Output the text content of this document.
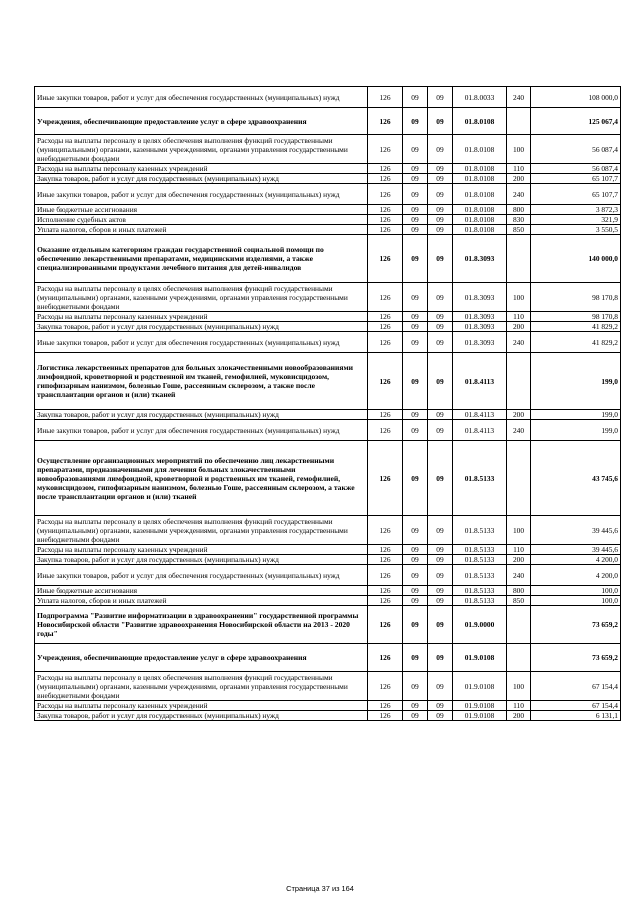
Иные закупки товаров, работ и услуг для обеспечения государственных (муниципальных) нужд	126	09	09	01.8.0033	240	108 000,0
Учреждения, обеспечивающие предоставление услуг в сфере здравоохранения	126	09	09	01.8.0108		125 067,4
Расходы на выплаты персоналу в целях обеспечения выполнения функций государственными (муниципальными) органами, казенными учреждениями, органами управления государственными внебюджетными фондами	126	09	09	01.8.0108	100	56 087,4
Расходы на выплаты персоналу казенных учреждений	126	09	09	01.8.0108	110	56 087,4
Закупка товаров, работ и услуг для государственных (муниципальных) нужд	126	09	09	01.8.0108	200	65 107,7
Иные закупки товаров, работ и услуг для обеспечения государственных (муниципальных) нужд	126	09	09	01.8.0108	240	65 107,7
Иные бюджетные ассигнования	126	09	09	01.8.0108	800	3 872,3
Исполнение судебных актов	126	09	09	01.8.0108	830	321,9
Уплата налогов, сборов и иных платежей	126	09	09	01.8.0108	850	3 550,5
Оказание отдельным категориям граждан государственной социальной помощи по обеспечению лекарственными препаратами, медицинскими изделиями, а также специализированными продуктами лечебного питания для детей-инвалидов	126	09	09	01.8.3093		140 000,0
Расходы на выплаты персоналу в целях обеспечения выполнения функций государственными (муниципальными) органами, казенными учреждениями, органами управления государственными внебюджетными фондами	126	09	09	01.8.3093	100	98 170,8
Расходы на выплаты персоналу казенных учреждений	126	09	09	01.8.3093	110	98 170,8
Закупка товаров, работ и услуг для государственных (муниципальных) нужд	126	09	09	01.8.3093	200	41 829,2
Иные закупки товаров, работ и услуг для обеспечения государственных (муниципальных) нужд	126	09	09	01.8.3093	240	41 829,2
Логистика лекарственных препаратов для больных злокачественными новообразованиями лимфоидной, кроветворной и родственной им тканей, гемофилией, муковисцидозом, гипофизарным нанизмом, болезнью Гоше, рассеянным склерозом, а также после трансплантации органов и (или) тканей	126	09	09	01.8.4113		199,0
Закупка товаров, работ и услуг для государственных (муниципальных) нужд	126	09	09	01.8.4113	200	199,0
Иные закупки товаров, работ и услуг для обеспечения государственных (муниципальных) нужд	126	09	09	01.8.4113	240	199,0
Осуществление организационных мероприятий по обеспечению лиц лекарственными препаратами, предназначенными для лечения больных злокачественными новообразованиями лимфоидной, кроветворной и родственных им тканей, гемофилией, муковисцидозом, гипофизарным нанизмом, болезнью Гоше, рассеянным склерозом, а также после трансплантации органов и (или) тканей	126	09	09	01.8.5133		43 745,6
Расходы на выплаты персоналу в целях обеспечения выполнения функций государственными (муниципальными) органами, казенными учреждениями, органами управления государственными внебюджетными фондами	126	09	09	01.8.5133	100	39 445,6
Расходы на выплаты персоналу казенных учреждений	126	09	09	01.8.5133	110	39 445,6
Закупка товаров, работ и услуг для государственных (муниципальных) нужд	126	09	09	01.8.5133	200	4 200,0
Иные закупки товаров, работ и услуг для обеспечения государственных (муниципальных) нужд	126	09	09	01.8.5133	240	4 200,0
Иные бюджетные ассигнования	126	09	09	01.8.5133	800	100,0
Уплата налогов, сборов и иных платежей	126	09	09	01.8.5133	850	100,0
Подпрограмма "Развитие информатизации в здравоохранении" государственной программы Новосибирской области "Развитие здравоохранения Новосибирской области на 2013 - 2020 годы"	126	09	09	01.9.0000		73 659,2
Учреждения, обеспечивающие предоставление услуг в сфере здравоохранения	126	09	09	01.9.0108		73 659,2
Расходы на выплаты персоналу в целях обеспечения выполнения функций государственными (муниципальными) органами, казенными учреждениями, органами управления государственными внебюджетными фондами	126	09	09	01.9.0108	100	67 154,4
Расходы на выплаты персоналу казенных учреждений	126	09	09	01.9.0108	110	67 154,4
Закупка товаров, работ и услуг для государственных (муниципальных) нужд	126	09	09	01.9.0108	200	6 131,1
Страница 37 из 164
